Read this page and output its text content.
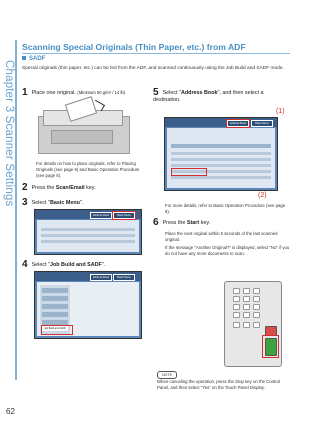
Chapter 3 Scanner Settings
62
Scanning Special Originals (Thin Paper, etc.) from ADF
SADF
Special originals (thin paper, etc.) can be fed from the ADF, and scanned continuously using the Job Build and SADF mode.
1 Place one original. (Minimum 50 g/m² / 14 lb)
For details on how to place originals, refer to Placing Originals (see page 6) and Basic Operation Procedure (see page 8).
2 Press the Scan/Email key.
3 Select "Basic Menu".
Address Book	Basic Menu
4 Select "Job Build and SADF".
Address Book	Basic Menu
Job Build and SADF
5 Select "Address Book", and then select a destination.
(1)
Address Book	Basic Menu
(2)
For more details, refer to Basic Operation Procedure (see page 8).
6 Press the Start key.
Place the next original within 5 seconds of the last scanned original.
If the message "Another Original?" is displayed, select "No" if you do not have any more documents to scan.
NOTE
When canceling the operation, press the Stop key on the Control Panel, and then select "Yes" on the Touch Panel Display.
